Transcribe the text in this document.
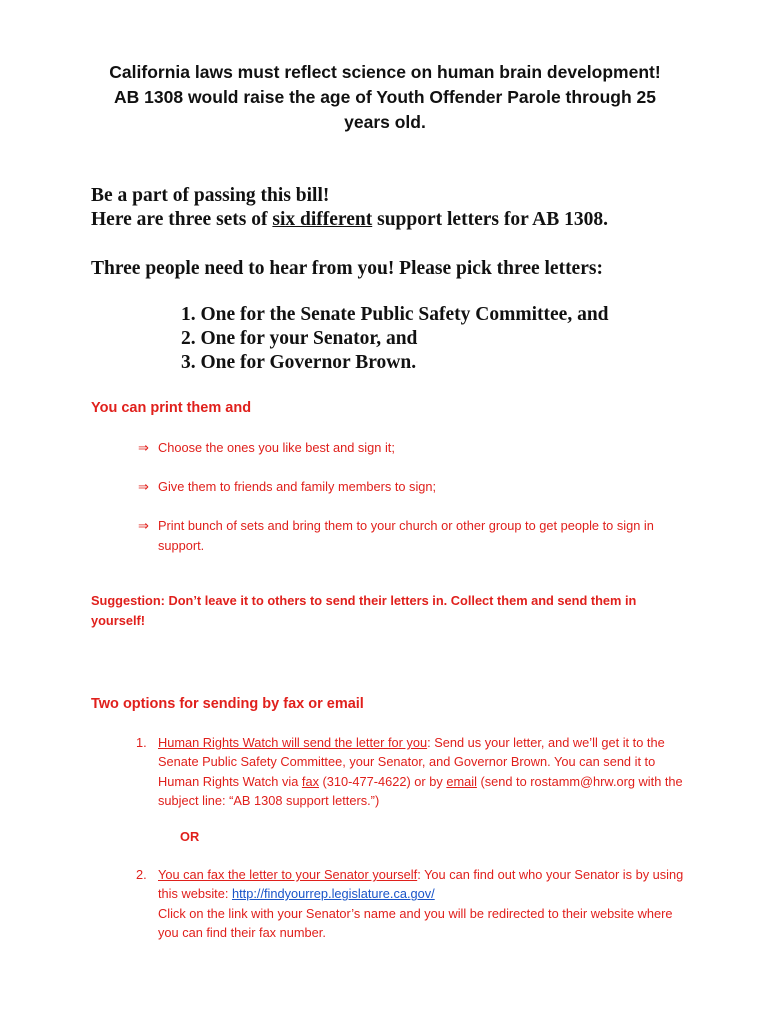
California laws must reflect science on human brain development!
AB 1308 would raise the age of Youth Offender Parole through 25
years old.
Be a part of passing this bill!
Here are three sets of six different support letters for AB 1308.
Three people need to hear from you! Please pick three letters:
1. One for the Senate Public Safety Committee, and
2. One for your Senator, and
3. One for Governor Brown.
You can print them and
⇒ Choose the ones you like best and sign it;
⇒ Give them to friends and family members to sign;
⇒ Print bunch of sets and bring them to your church or other group to get people to sign in support.
Suggestion: Don’t leave it to others to send their letters in. Collect them and send them in yourself!
Two options for sending by fax or email
1. Human Rights Watch will send the letter for you: Send us your letter, and we’ll get it to the Senate Public Safety Committee, your Senator, and Governor Brown. You can send it to Human Rights Watch via fax (310-477-4622) or by email (send to rostamm@hrw.org with the subject line: “AB 1308 support letters.”)
OR
2. You can fax the letter to your Senator yourself: You can find out who your Senator is by using this website: http://findyourrep.legislature.ca.gov/
Click on the link with your Senator’s name and you will be redirected to their website where you can find their fax number.
